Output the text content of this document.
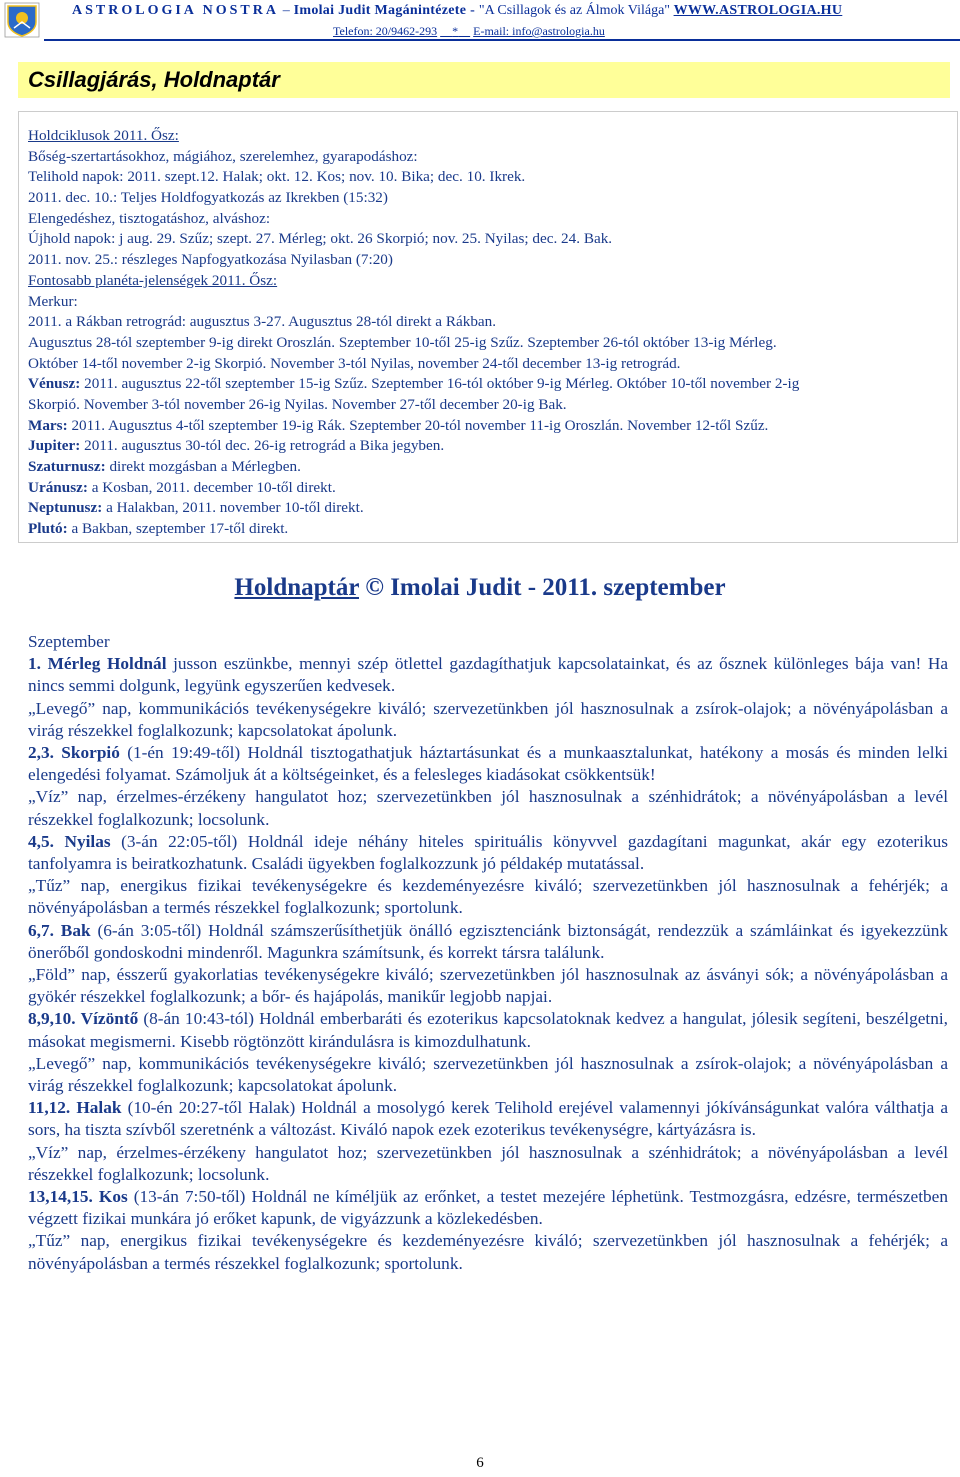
ASTROLOGIA NOSTRA – Imolai Judit Magánintézete - "A Csillagok és az Álmok Világa" WWW.ASTROLOGIA.HU
Telefon: 20/9462-293 * E-mail: info@astrologia.hu
Csillagjárás, Holdnaptár
Holdciklusok 2011. Ősz:
Bőség-szertartásokhoz, mágiához, szerelemhez, gyarapodáshoz:
Telihold napok: 2011. szept.12. Halak; okt. 12. Kos; nov. 10. Bika; dec. 10. Ikrek.
2011. dec. 10.: Teljes Holdfogyatkozás az Ikrekben (15:32)
Elengedéshez, tisztogatáshoz, alváshoz:
Újhold napok: j aug. 29. Szűz; szept. 27. Mérleg; okt. 26 Skorpió; nov. 25. Nyilas; dec. 24. Bak.
2011. nov. 25.: részleges Napfogyatkozása Nyilasban (7:20)
Fontosabb planéta-jelenségek 2011. Ősz:
Merkur:
2011. a Rákban retrográd: augusztus 3-27. Augusztus 28-tól direkt a Rákban.
Augusztus 28-tól szeptember 9-ig direkt Oroszlán. Szeptember 10-től 25-ig Szűz. Szeptember 26-tól október 13-ig Mérleg.
Október 14-től november 2-ig Skorpió. November 3-tól Nyilas, november 24-től december 13-ig retrográd.
Vénusz: 2011. augusztus 22-től szeptember 15-ig Szűz. Szeptember 16-tól október 9-ig Mérleg. Október 10-től november 2-ig
Skorpió. November 3-tól november 26-ig Nyilas. November 27-től december 20-ig Bak.
Mars: 2011. Augusztus 4-től szeptember 19-ig Rák. Szeptember 20-tól november 11-ig Oroszlán. November 12-től Szűz.
Jupiter: 2011. augusztus 30-tól dec. 26-ig retrográd a Bika jegyben.
Szaturnusz: direkt mozgásban a Mérlegben.
Uránusz: a Kosban, 2011. december 10-től direkt.
Neptunusz: a Halakban, 2011. november 10-től direkt.
Plutó: a Bakban, szeptember 17-től direkt.
Holdnaptár © Imolai Judit - 2011. szeptember
Szeptember

1. Mérleg Holdnál jusson eszünkbe, mennyi szép ötlettel gazdagíthatjuk kapcsolatainkat, és az ősznek különleges bája van! Ha nincs semmi dolgunk, legyünk egyszerűen kedvesek.

„Levegő” nap, kommunikációs tevékenységekre kiváló; szervezetünkben jól hasznosulnak a zsírok-olajok; a növényápolásban a virág részekkel foglalkozunk; kapcsolatokat ápolunk.

2,3. Skorpió (1-én 19:49-től) Holdnál tisztogathatjuk háztartásunkat és a munkaasztalunkat, hatékony a mosás és minden lelki elengedési folyamat. Számoljuk át a költségeinket, és a felesleges kiadásokat csökkentsük!

„Víz” nap, érzelmes-érzékeny hangulatot hoz; szervezetünkben jól hasznosulnak a szénhidrátok; a növényápolásban a levél részekkel foglalkozunk; locsolunk.

4,5. Nyilas (3-án 22:05-től) Holdnál ideje néhány hiteles spirituális könyvvel gazdagítani magunkat, akár egy ezoterikus tanfolyamra is beiratkozhatunk. Családi ügyekben foglalkozzunk jó példakép mutatással.

„Tűz” nap, energikus fizikai tevékenységekre és kezdeményezésre kiváló; szervezetünkben jól hasznosulnak a fehérjék; a növényápolásban a termés részekkel foglalkozunk; sportolunk.

6,7. Bak (6-án 3:05-től) Holdnál számszerűsíthetjük önálló egzisztenciánk biztonságát, rendezzük a számláinkat és igyekezzünk önerőből gondoskodni mindenről. Magunkra számítsunk, és korrekt társra találunk.

„Föld” nap, ésszerű gyakorlatias tevékenységekre kiváló; szervezetünkben jól hasznosulnak az ásványi sók; a növényápolásban a gyökér részekkel foglalkozunk; a bőr- és hajápolás, manikűr legjobb napjai.

8,9,10. Vízöntő (8-án 10:43-tól) Holdnál emberbaráti és ezoterikus kapcsolatoknak kedvez a hangulat, jólesik segíteni, beszélgetni, másokat megismerni. Kisebb rögtönzött kirándulásra is kimozdulhatunk.

„Levegő” nap, kommunikációs tevékenységekre kiváló; szervezetünkben jól hasznosulnak a zsírok-olajok; a növényápolásban a virág részekkel foglalkozunk; kapcsolatokat ápolunk.

11,12. Halak (10-én 20:27-től Halak) Holdnál a mosolygó kerek Telihold erejével valamennyi jókívánságunkat valóra válthatja a sors, ha tiszta szívből szeretnénk a változást. Kiváló napok ezek ezoterikus tevékenységre, kártyázásra is.

„Víz” nap, érzelmes-érzékeny hangulatot hoz; szervezetünkben jól hasznosulnak a szénhidrátok; a növényápolásban a levél részekkel foglalkozunk; locsolunk.

13,14,15. Kos (13-án 7:50-től) Holdnál ne kíméljük az erőnket, a testet mezejére léphetünk. Testmozgásra, edzésre, természetben végzett fizikai munkára jó erőket kapunk, de vigyázzunk a közlekedésben.

„Tűz” nap, energikus fizikai tevékenységekre és kezdeményezésre kiváló; szervezetünkben jól hasznosulnak a fehérjék; a növényápolásban a termés részekkel foglalkozunk; sportolunk.

6
